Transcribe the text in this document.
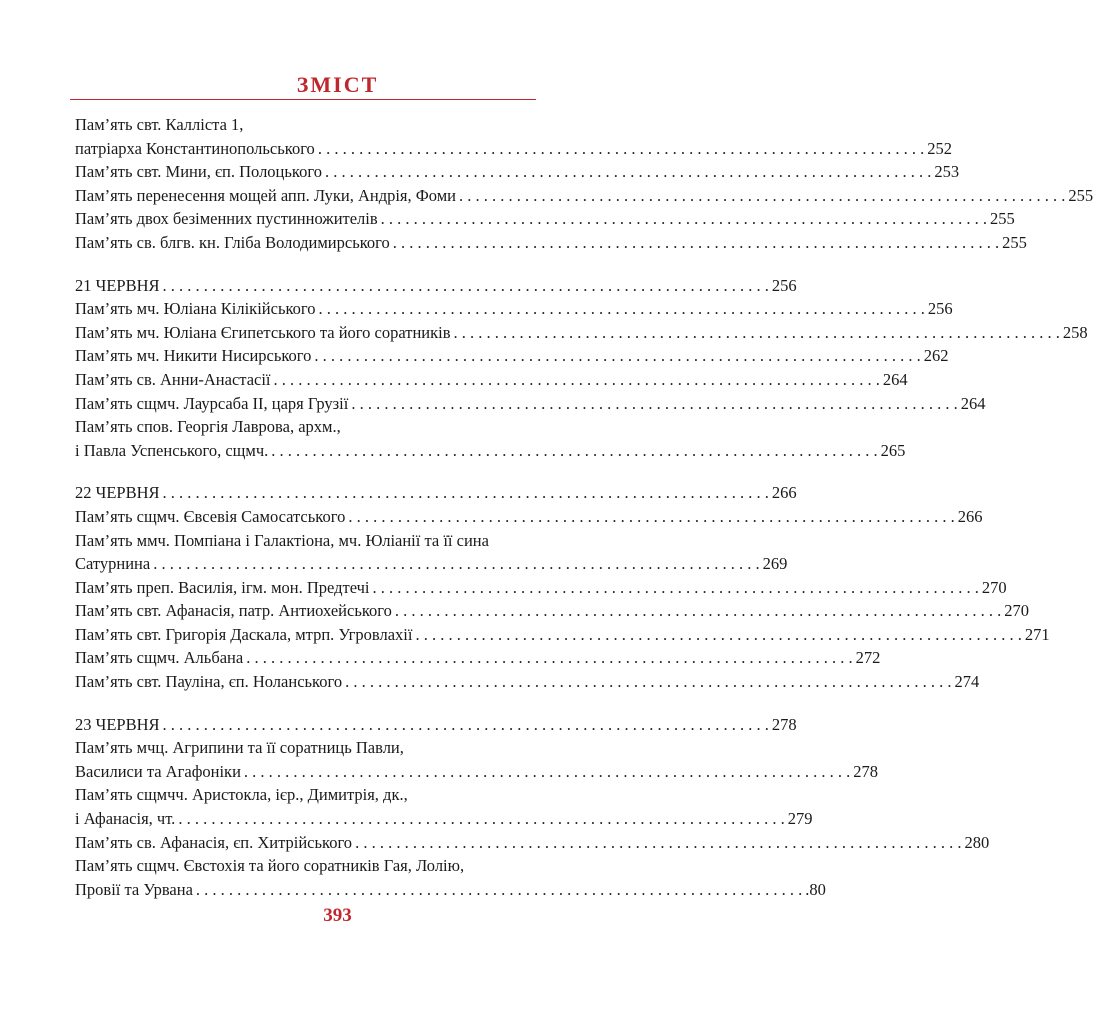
ЗМІСТ
Пам’ять свт. Калліста 1,
патріарха Константинопольського . . .	252
Пам’ять свт. Мини, єп. Полоцького . . .	253
Пам’ять перенесення мощей апп. Луки, Андрія, Фоми . . .	255
Пам’ять двох безіменних пустинножителів . . .	255
Пам’ять св. блгв. кн. Гліба Володимирського . . .	255
21 ЧЕРВНЯ . . .	256
Пам’ять мч. Юліана Кілікійського . . .	256
Пам’ять мч. Юліана Єгипетського та його соратників . . .	258
Пам’ять мч. Никити Нисирського . . .	262
Пам’ять св. Анни-Анастасії . . .	264
Пам’ять сщмч. Лаурсаба ІІ, царя Грузії . . .	264
Пам’ять спов. Георгія Лаврова, архм.,
і Павла Успенського, сщмч. . . .	265
22 ЧЕРВНЯ . . .	266
Пам’ять сщмч. Євсевія Самосатського . . .	266
Пам’ять ммч. Помпіана і Галактіона, мч. Юліанії та її сина
Сатурнина . . .	269
Пам’ять преп. Василія, ігм. мон. Предтечі . . .	270
Пам’ять свт. Афанасія, патр. Антиохейського . . .	270
Пам’ять свт. Григорія Даскала, мтрп. Угровлахії . . .	271
Пам’ять сщмч. Альбана . . .	272
Пам’ять свт. Пауліна, єп. Ноланського . . .	274
23 ЧЕРВНЯ . . .	278
Пам’ять мчц. Агрипини та її соратниць Павли,
Василиси та Агафоніки . . .	278
Пам’ять сщмчч. Аристокла, ієр., Димитрія, дк.,
і Афанасія, чт. . . .	279
Пам’ять св. Афанасія, єп. Хитрійського . . .	280
Пам’ять сщмч. Євстохія та його соратників Гая, Лолію,
Провії та Урвана . . .	.80
393
